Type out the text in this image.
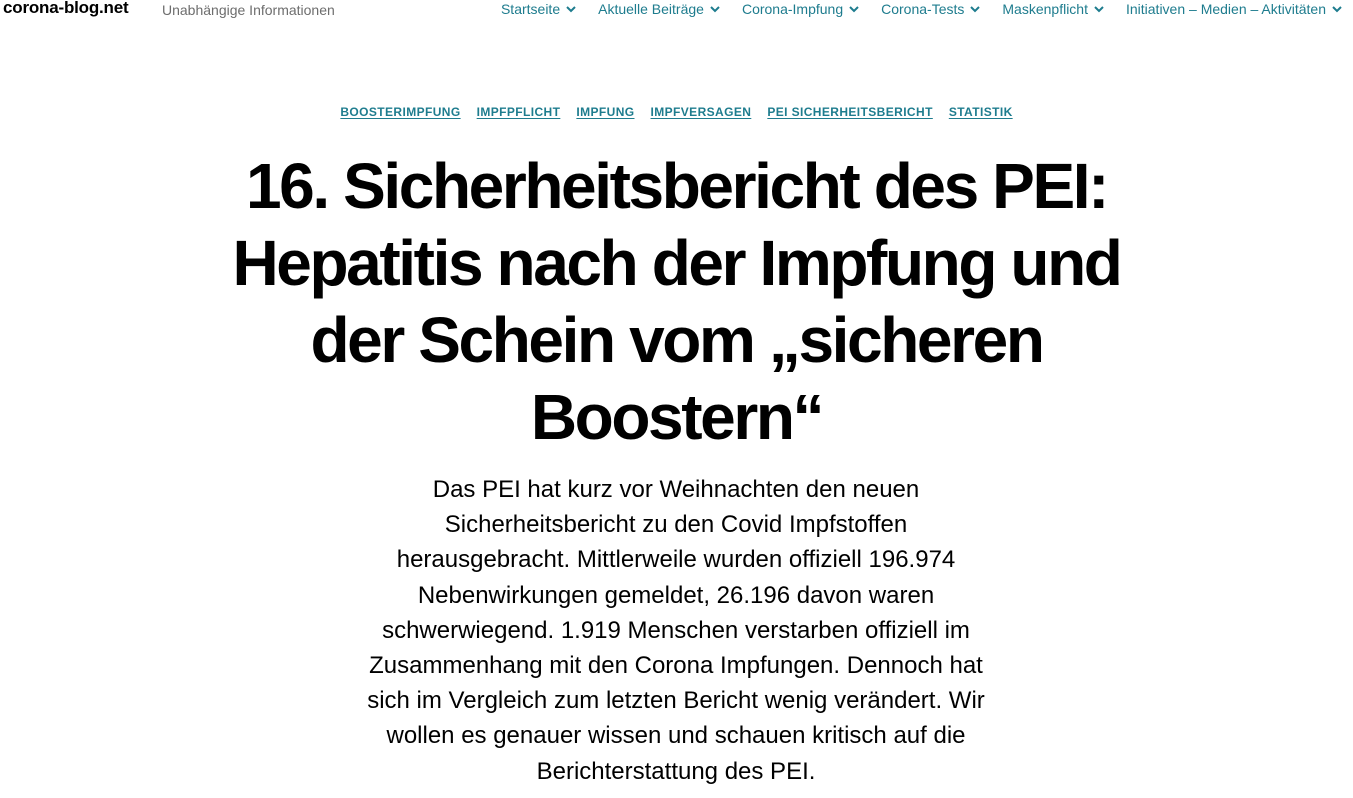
corona-blog.net Unabhängige Informationen	Startseite	Aktuelle Beiträge	Corona-Impfung	Corona-Tests	Maskenpflicht	Initiativen – Medien – Aktivitäten
BOOSTERIMPFUNG IMPFPFLICHT IMPFUNG IMPFVERSAGEN PEI SICHERHEITSBERICHT STATISTIK
16. Sicherheitsbericht des PEI: Hepatitis nach der Impfung und der Schein vom „sicheren Boostern“

Das PEI hat kurz vor Weihnachten den neuen Sicherheitsbericht zu den Covid Impfstoffen herausgebracht. Mittlerweile wurden offiziell 196.974 Nebenwirkungen gemeldet, 26.196 davon waren schwerwiegend. 1.919 Menschen verstarben offiziell im Zusammenhang mit den Corona Impfungen. Dennoch hat sich im Vergleich zum letzten Bericht wenig verändert. Wir wollen es genauer wissen und schauen kritisch auf die Berichterstattung des PEI.
